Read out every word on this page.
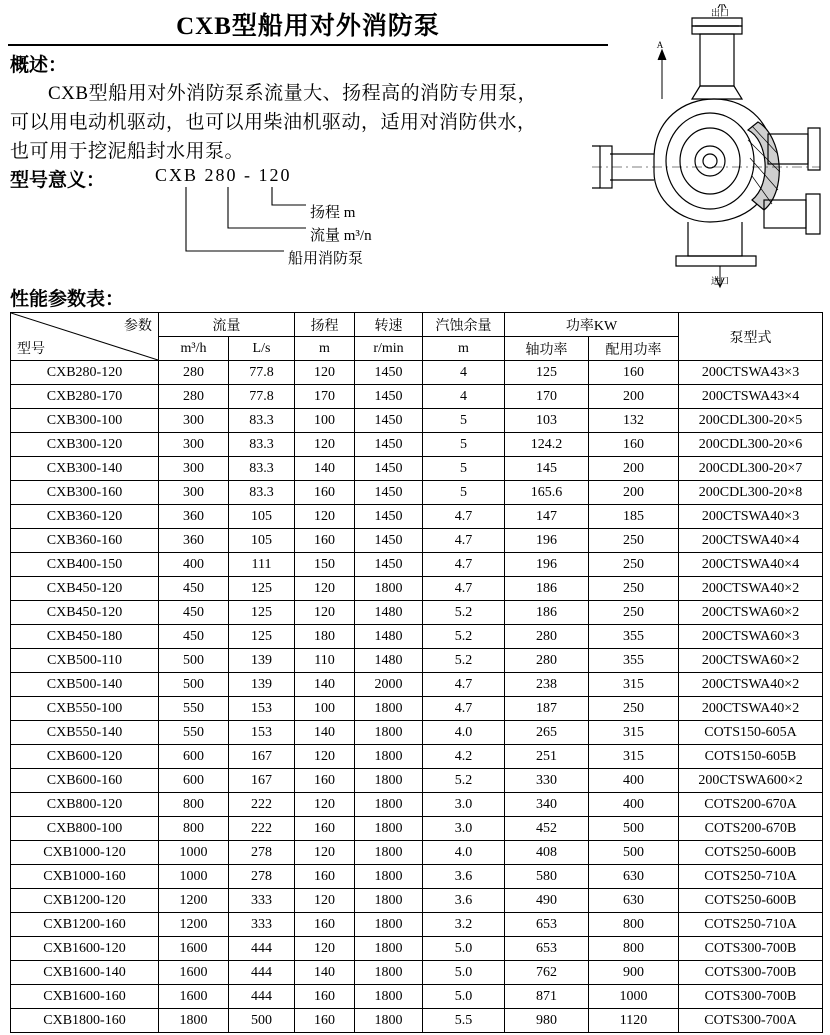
CXB型船用对外消防泵	出口
A
进口
概述：
CXB型船用对外消防泵系流量大、扬程高的消防专用泵，可以用电动机驱动，也可以用柴油机驱动，适用对消防供水，也可用于挖泥船封水用泵。
型号意义：	CXB 280 - 120
扬程 m
流量 m³/n
船用消防泵
性能参数表：
参数
型号	流量		扬程	转速	汽蚀余量	功率KW		泵型式
	m³/h	L/s	m	r/min	m	轴功率	配用功率	
CXB280-120	280	77.8	120	1450	4	125	160	200CTSWA43×3
CXB280-170	280	77.8	170	1450	4	170	200	200CTSWA43×4
CXB300-100	300	83.3	100	1450	5	103	132	200CDL300-20×5
CXB300-120	300	83.3	120	1450	5	124.2	160	200CDL300-20×6
CXB300-140	300	83.3	140	1450	5	145	200	200CDL300-20×7
CXB300-160	300	83.3	160	1450	5	165.6	200	200CDL300-20×8
CXB360-120	360	105	120	1450	4.7	147	185	200CTSWA40×3
CXB360-160	360	105	160	1450	4.7	196	250	200CTSWA40×4
CXB400-150	400	111	150	1450	4.7	196	250	200CTSWA40×4
CXB450-120	450	125	120	1800	4.7	186	250	200CTSWA40×2
CXB450-120	450	125	120	1480	5.2	186	250	200CTSWA60×2
CXB450-180	450	125	180	1480	5.2	280	355	200CTSWA60×3
CXB500-110	500	139	110	1480	5.2	280	355	200CTSWA60×2
CXB500-140	500	139	140	2000	4.7	238	315	200CTSWA40×2
CXB550-100	550	153	100	1800	4.7	187	250	200CTSWA40×2
CXB550-140	550	153	140	1800	4.0	265	315	COTS150-605A
CXB600-120	600	167	120	1800	4.2	251	315	COTS150-605B
CXB600-160	600	167	160	1800	5.2	330	400	200CTSWA600×2
CXB800-120	800	222	120	1800	3.0	340	400	COTS200-670A
CXB800-100	800	222	160	1800	3.0	452	500	COTS200-670B
CXB1000-120	1000	278	120	1800	4.0	408	500	COTS250-600B
CXB1000-160	1000	278	160	1800	3.6	580	630	COTS250-710A
CXB1200-120	1200	333	120	1800	3.6	490	630	COTS250-600B
CXB1200-160	1200	333	160	1800	3.2	653	800	COTS250-710A
CXB1600-120	1600	444	120	1800	5.0	653	800	COTS300-700B
CXB1600-140	1600	444	140	1800	5.0	762	900	COTS300-700B
CXB1600-160	1600	444	160	1800	5.0	871	1000	COTS300-700B
CXB1800-160	1800	500	160	1800	5.5	980	1120	COTS300-700A
